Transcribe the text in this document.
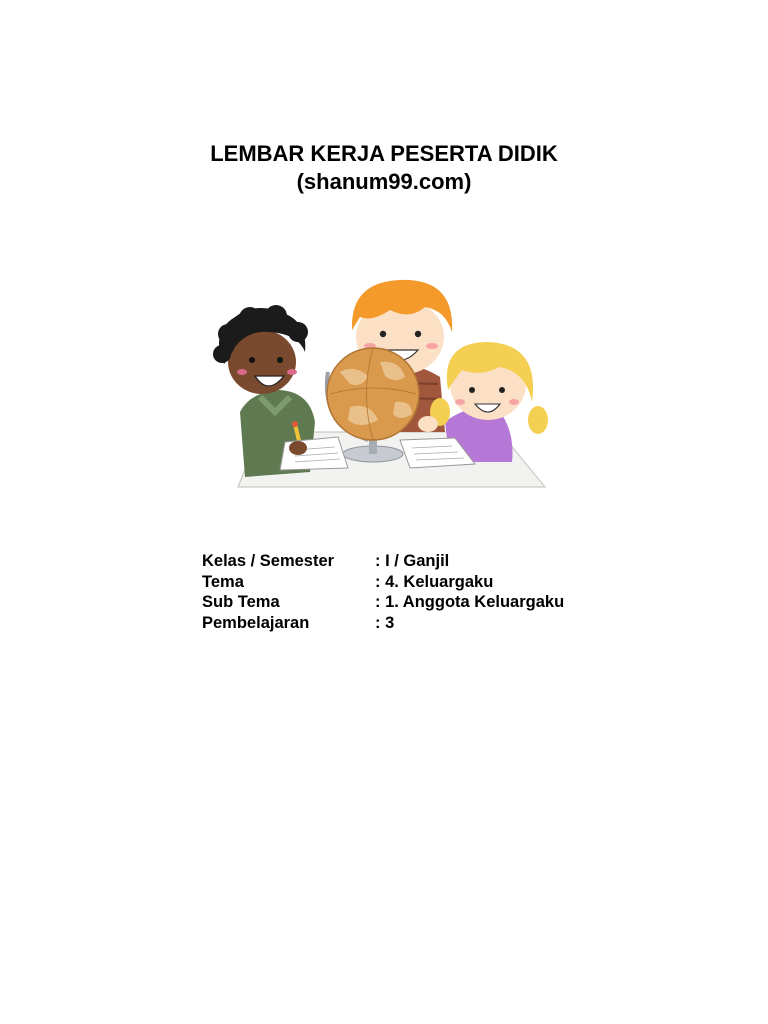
LEMBAR KERJA PESERTA DIDIK
(shanum99.com)
Kelas / Semester	: I / Ganjil
Tema	: 4. Keluargaku
Sub Tema	: 1. Anggota Keluargaku
Pembelajaran	: 3
